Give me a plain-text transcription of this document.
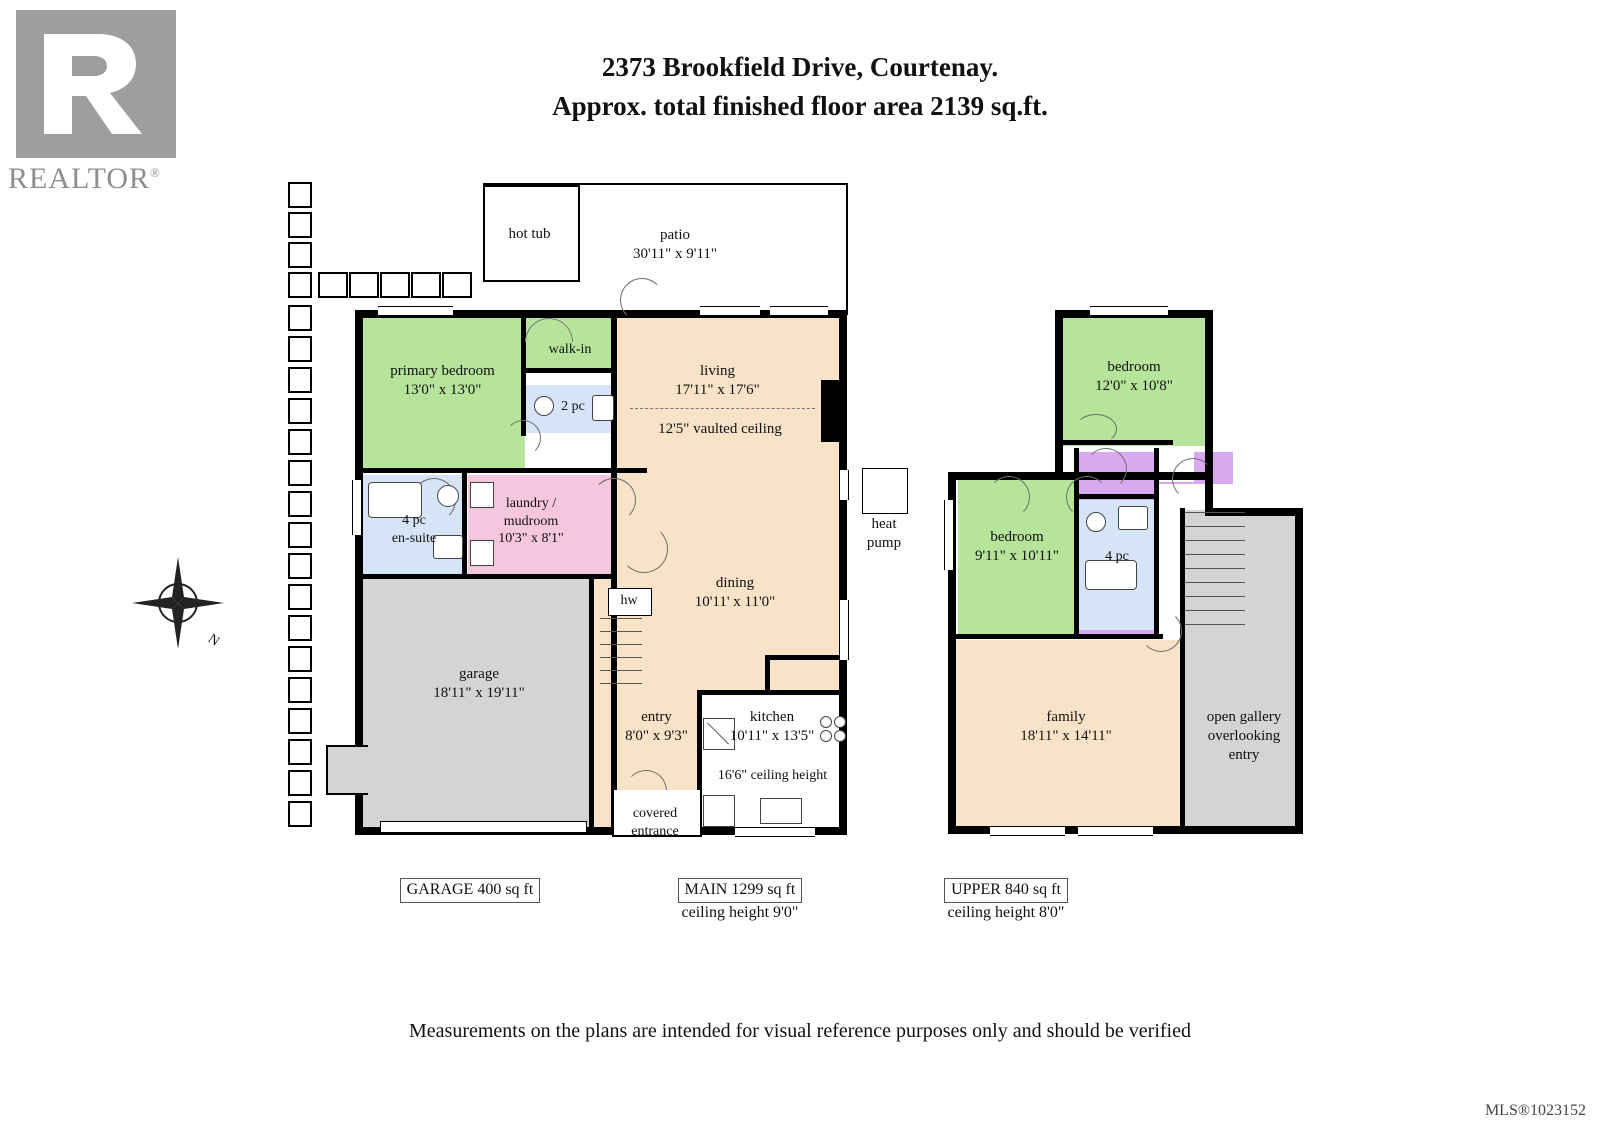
2373 Brookfield Drive, Courtenay.
Approx. total finished floor area 2139 sq.ft.
REALTOR®
hot tub	patio
30'11" x 9'11"
hw
heat
pump
primary bedroom
13'0" x 13'0"
walk-in
2 pc
living
17'11" x 17'6"
12'5" vaulted ceiling
4 pc
en-suite
laundry /
mudroom
10'3" x 8'1"
dining
10'11' x 11'0"
garage
18'11" x 19'11"
entry
8'0" x 9'3"
kitchen
10'11" x 13'5"
16'6" ceiling height
covered
entrance
bedroom
12'0" x 10'8"
bedroom
9'11" x 10'11"	4 pc
family
18'11" x 14'11"
open gallery
overlooking
entry
N
GARAGE 400 sq ft	MAIN 1299 sq ft
ceiling height 9'0"
UPPER 840 sq ft
ceiling height 8'0"
Measurements on the plans are intended for visual reference purposes only and should be verified
MLS®1023152
